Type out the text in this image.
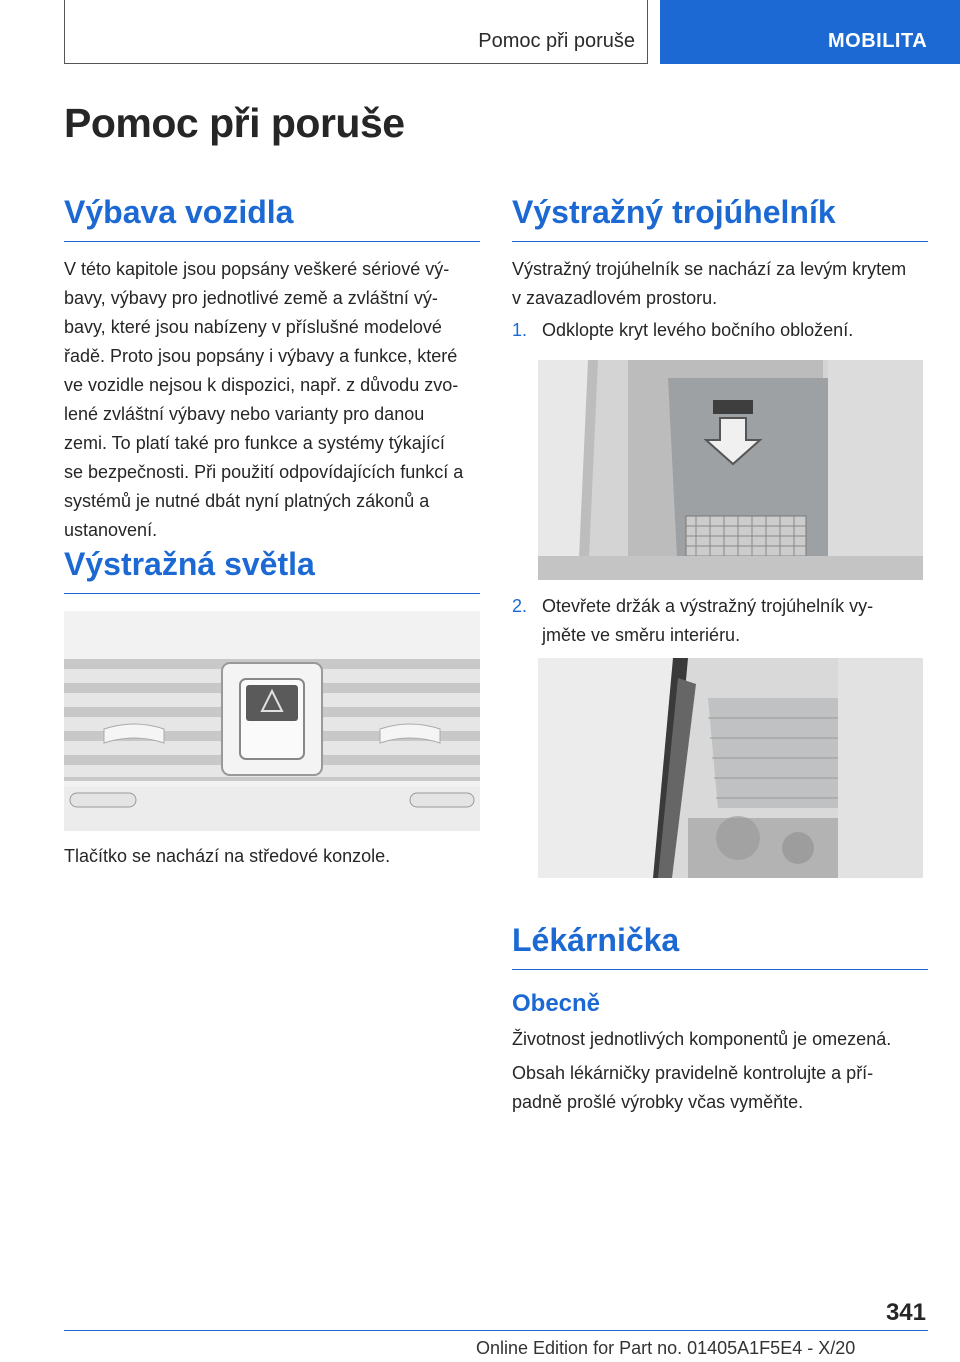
Pomoc při poruše	MOBILITA
Pomoc při poruše
Výbava vozidla

V této kapitole jsou popsány veškeré sériové vý-
bavy, výbavy pro jednotlivé země a zvláštní vý-
bavy, které jsou nabízeny v příslušné modelové
řadě. Proto jsou popsány i výbavy a funkce, které
ve vozidle nejsou k dispozici, např. z důvodu zvo-
lené zvláštní výbavy nebo varianty pro danou
zemi. To platí také pro funkce a systémy týkající
se bezpečnosti. Při použití odpovídajících funkcí a
systémů je nutné dbát nyní platných zákonů a
ustanovení.

Výstražná světla

Tlačítko se nachází na středové konzole.

Výstražný trojúhelník

Výstražný trojúhelník se nachází za levým krytem
v zavazadlovém prostoru.

1. Odklopte kryt levého bočního obložení.
2. Otevřete držák a výstražný trojúhelník vy-
jměte ve směru interiéru.
Lékárnička
Obecně

Životnost jednotlivých komponentů je omezená.

Obsah lékárničky pravidelně kontrolujte a pří-
padně prošlé výrobky včas vyměňte.

341
Online Edition for Part no. 01405A1F5E4 - X/20
